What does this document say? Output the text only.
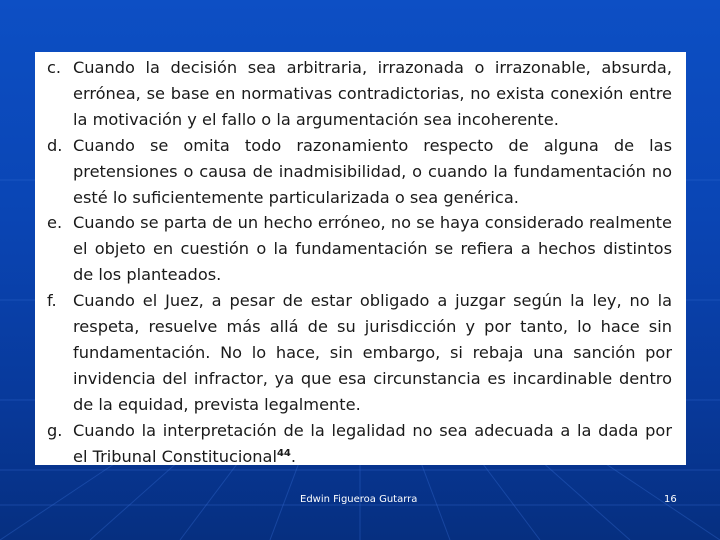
c. Cuando la decisión sea arbitraria, irrazonada o irrazonable, absurda, errónea, se base en normativas contradictorias, no exista conexión entre la motivación y el fallo o la argumentación sea incoherente.
d. Cuando se omita todo razonamiento respecto de alguna de las pretensiones o causa de inadmisibilidad, o cuando la fundamentación no esté lo suficientemente particularizada o sea genérica.
e. Cuando se parta de un hecho erróneo, no se haya considerado realmente el objeto en cuestión o la fundamentación se refiera a hechos distintos de los planteados.
f.	Cuando el Juez, a pesar de estar obligado a juzgar según la ley, no la respeta, resuelve más allá de su jurisdicción y por tanto, lo hace sin fundamentación. No lo hace, sin embargo, si rebaja una sanción por invidencia del infractor, ya que esa circunstancia es incardinable dentro de la equidad, prevista legalmente.
g. Cuando la interpretación de la legalidad no sea adecuada a la dada por el Tribunal Constitucional$^{44}$.
Edwin Figueroa Gutarra	16
